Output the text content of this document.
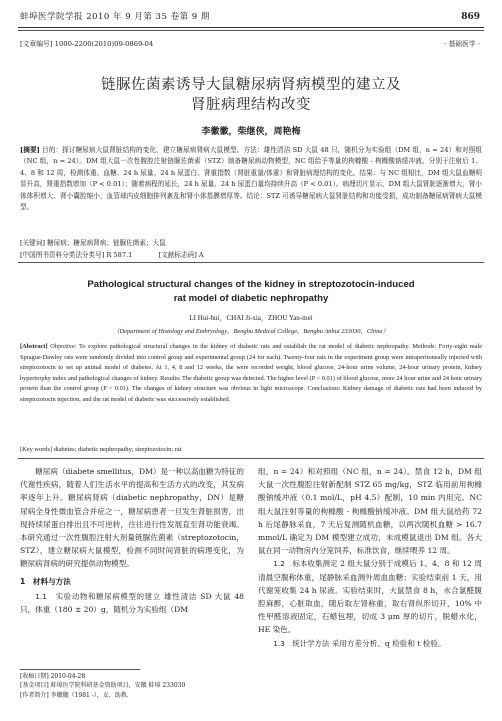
蚌埠医学院学报 2010 年 9 月第 35 卷第 9 期	869
[文章编号] 1000-2200(2010)09-0869-04	· 基础医学 ·
链脲佐菌素诱导大鼠糖尿病肾病模型的建立及
肾脏病理结构改变
李徽徽，柴继侠，周艳梅
[摘要] 目的：探讨糖尿病大鼠肾脏结构的变化，建立糖尿病肾病大鼠模型。方法：雄性清洁 SD 大鼠 48 只，随机分为实验组（DM 组，n = 24）和对照组（NC 组，n = 24）。DM 组大鼠一次性腹腔注射链脲佐菌素（STZ）制备糖尿病动物模型，NC 组给予等量的枸橼酸 - 枸橼酸钠缓冲液。分别于注射后 1、4、8 和 12 周，检测体重、血糖、24 h 尿量、24 h 尿蛋白、肾重指数（肾脏重量/体重）和肾脏病理结构的变化。结果：与 NC 组相比，DM 组大鼠血糖明显升高，肾重指数增加（P < 0.01）；随着病程的延长，24 h 尿量、24 h 尿蛋白量均持续升高（P < 0.01）。病理切片显示，DM 组大鼠肾脏逐渐增大，肾小体体积增大、肾小囊腔缩小，血管球内皮细胞排列紊乱和肾小体基膜增厚等。结论：STZ 可诱导糖尿病大鼠肾脏结构和功能受损，成功制备糖尿病肾病大鼠模型。
[关键词] 糖尿病；糖尿病肾病；链脲佐菌素；大鼠
[中国图书资料分类法分类号] R 587.1　　　　[文献标志码] A
Pathological structural changes of the kidney in streptozotocin-induced
rat model of diabetic nephropathy
LI Hui-hui，CHAI Ji-xia，ZHOU Yan-mei
（Department of Histology and Embryology，Bengbu Medical College，Bengbu Anhui 233030，China）
[Abstract] Objective: To explore pathological structural changes in the kidney of diabetic rats and establish the rat model of diabetic nephropathy. Methods: Forty-eight male Sprague-Dawley rats were randomly divided into control group and experimental group (24 for each). Twenty-four rats in the experiment group were intraperitoneally injected with streptozotocin to set up animal model of diabetes. At 1, 4, 8 and 12 weeks, the were recorded weight, blood glucose, 24-hour urine volume, 24-hour urinary protein, kidney hypertrophy index and pathological changes of kidney. Results: The diabetic group was detected. The higher level (P < 0.01) of blood glucose, more 24 hour urine and 24 hour urinary protein than the control group (P < 0.01). The changes of kidney structure was obvious in light microscope. Conclusions: Kidney damage of diabetic rats had been induced by streptozotocin injection, and the rat model of diabetic was successively established.
[Key words] diabetes; diabetic nephropathy; streptozotocin; rat

糖尿病（diabete smellitus，DM）是一种以高血糖为特征的代谢性疾病，随着人们生活水平的提高和生活方式的改变，其发病率逐年上升。糖尿病肾病（diabetic nephropathy，DN）是糖尿病全身性微血管合并症之一，糖尿病患者一旦发生肾脏损害，出现持续尿蛋白排出且不可逆转，往往进行性发展直至肾功能衰竭。本研究通过一次性腹腔注射大剂量链脲佐菌素（streptozotocin，STZ），建立糖尿病大鼠模型，检测不同时间肾脏的病理变化，为糖尿病肾病的研究提供动物模型。

1　材料与方法

1.1　实验动物和糖尿病模型的建立 雄性清洁 SD 大鼠 48 只，体重（180 ± 20）g，随机分为实验组（DM

组，n = 24）和对照组（NC 组，n = 24）。禁食 12 h，DM 组大鼠一次性腹腔注射新配制 STZ 65 mg/kg，STZ 临用前用枸橼酸钠缓冲液（0.1 mol/L，pH 4.5）配制，10 min 内用完。NC 组大鼠注射等量的枸橼酸 - 枸橼酸钠缓冲液。DM 组大鼠给药 72 h 后尾静脉采血，7 天后复测随机血糖，以两次随机血糖 > 16.7 mmol/L 确定为 DM 模型建立成功，未成模鼠退出 DM 组。各大鼠在同一动物房内分笼饲养，标准饮食，继续喂养 12 周。

1.2　标本收集测定 2 组大鼠分别于成模后 1、4、8 和 12 周清晨空腹称体重，尾静脉采血测外周血血糖；实验结束前 1 天，用代谢笼收集 24 h 尿液。实验结束时，大鼠禁食 8 h，水合氯醛腹腔麻醉，心脏取血，随后取左肾称重，取右肾纵形切开，10% 中性甲醛溶液固定，石蜡包埋，切成 3 μm 厚的切片，脱蜡水化，HE 染色。

1.3　统计学方法 采用方差分析、q 检验和 t 检验。

[收稿日期] 2010-04-28
[基金项目] 蚌埠医学院科研基金资助项目，安徽 蚌埠 233030
[作者简介] 李徽徽（1981 -），女，助教.
